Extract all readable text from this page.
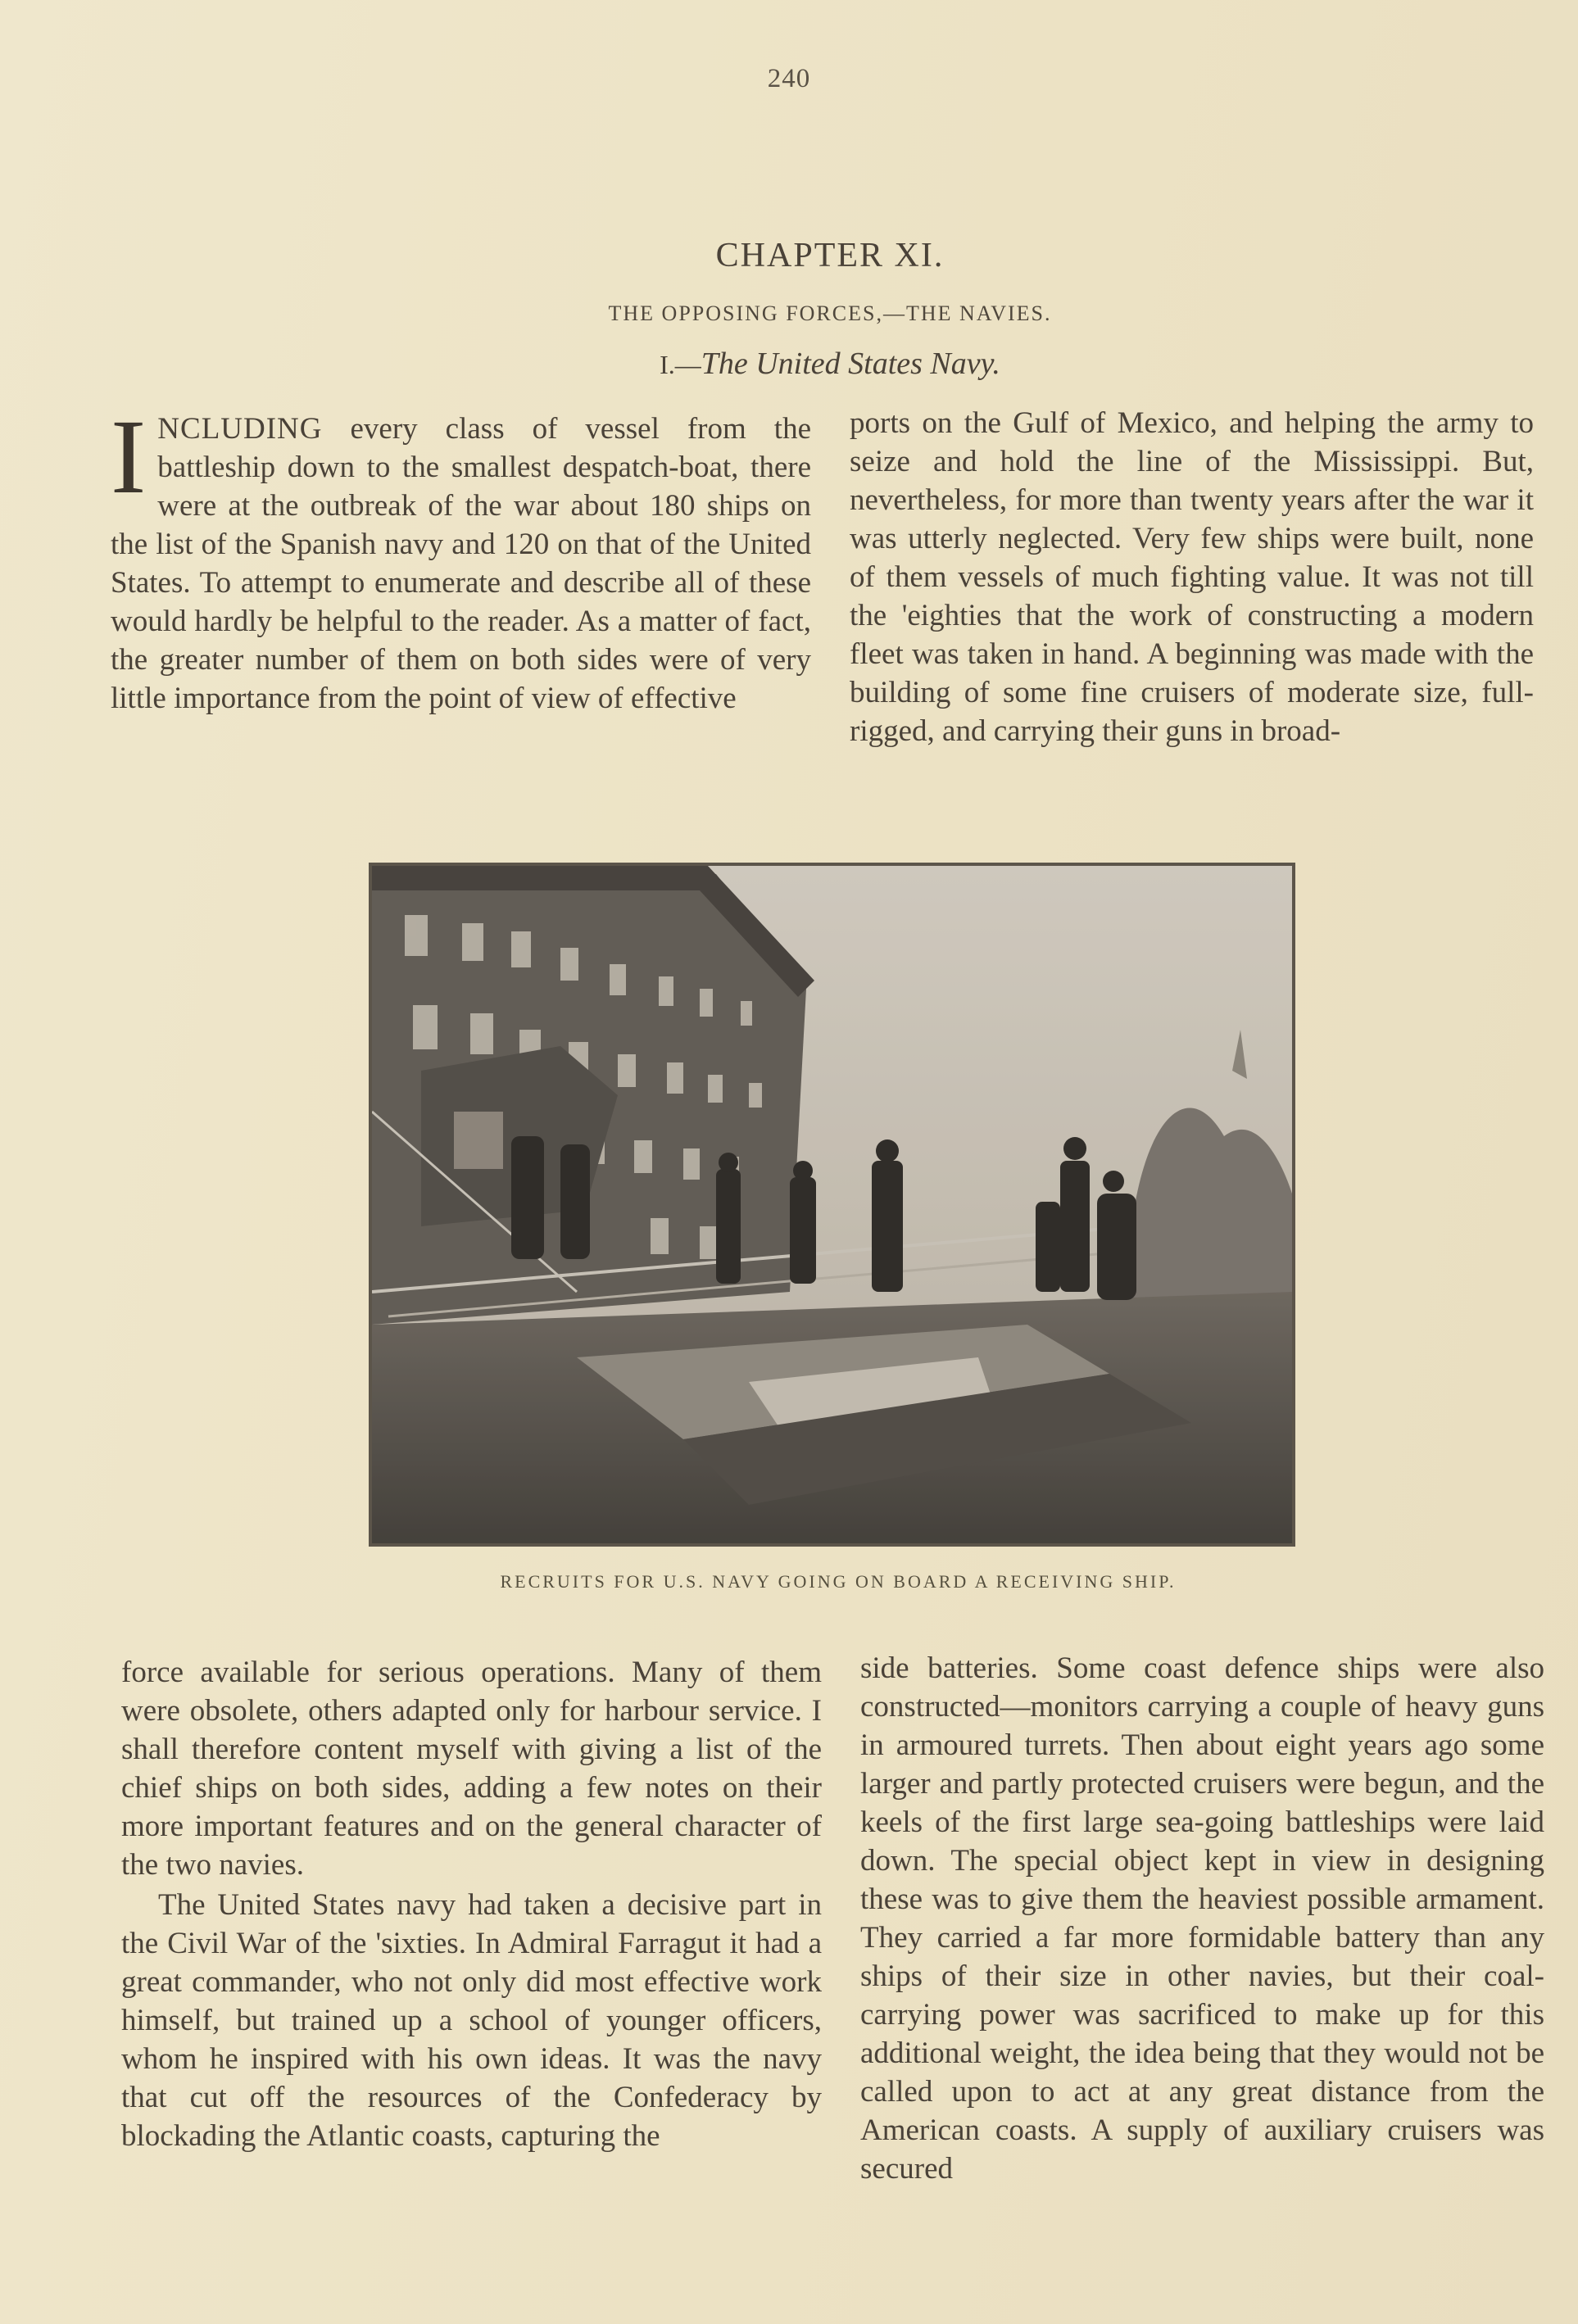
240
CHAPTER XI.
THE OPPOSING FORCES,—THE NAVIES.
I.—The United States Navy.

INCLUDING every class of vessel from the battleship down to the smallest despatch-boat, there were at the outbreak of the war about 180 ships on the list of the Spanish navy and 120 on that of the United States. To attempt to enumerate and describe all of these would hardly be helpful to the reader. As a matter of fact, the greater number of them on both sides were of very little importance from the point of view of effective

ports on the Gulf of Mexico, and helping the army to seize and hold the line of the Mississippi. But, nevertheless, for more than twenty years after the war it was utterly neglected. Very few ships were built, none of them vessels of much fighting value. It was not till the 'eighties that the work of constructing a modern fleet was taken in hand. A beginning was made with the building of some fine cruisers of moderate size, full-rigged, and carrying their guns in broad-

RECRUITS FOR U.S. NAVY GOING ON BOARD A RECEIVING SHIP.

force available for serious operations. Many of them were obsolete, others adapted only for harbour service. I shall therefore content myself with giving a list of the chief ships on both sides, adding a few notes on their more important features and on the general character of the two navies.

The United States navy had taken a decisive part in the Civil War of the 'sixties. In Admiral Farragut it had a great commander, who not only did most effective work himself, but trained up a school of younger officers, whom he inspired with his own ideas. It was the navy that cut off the resources of the Confederacy by blockading the Atlantic coasts, capturing the

side batteries. Some coast defence ships were also constructed—monitors carrying a couple of heavy guns in armoured turrets. Then about eight years ago some larger and partly protected cruisers were begun, and the keels of the first large sea-going battleships were laid down. The special object kept in view in designing these was to give them the heaviest possible armament. They carried a far more formidable battery than any ships of their size in other navies, but their coal-carrying power was sacrificed to make up for this additional weight, the idea being that they would not be called upon to act at any great distance from the American coasts. A supply of auxiliary cruisers was secured
